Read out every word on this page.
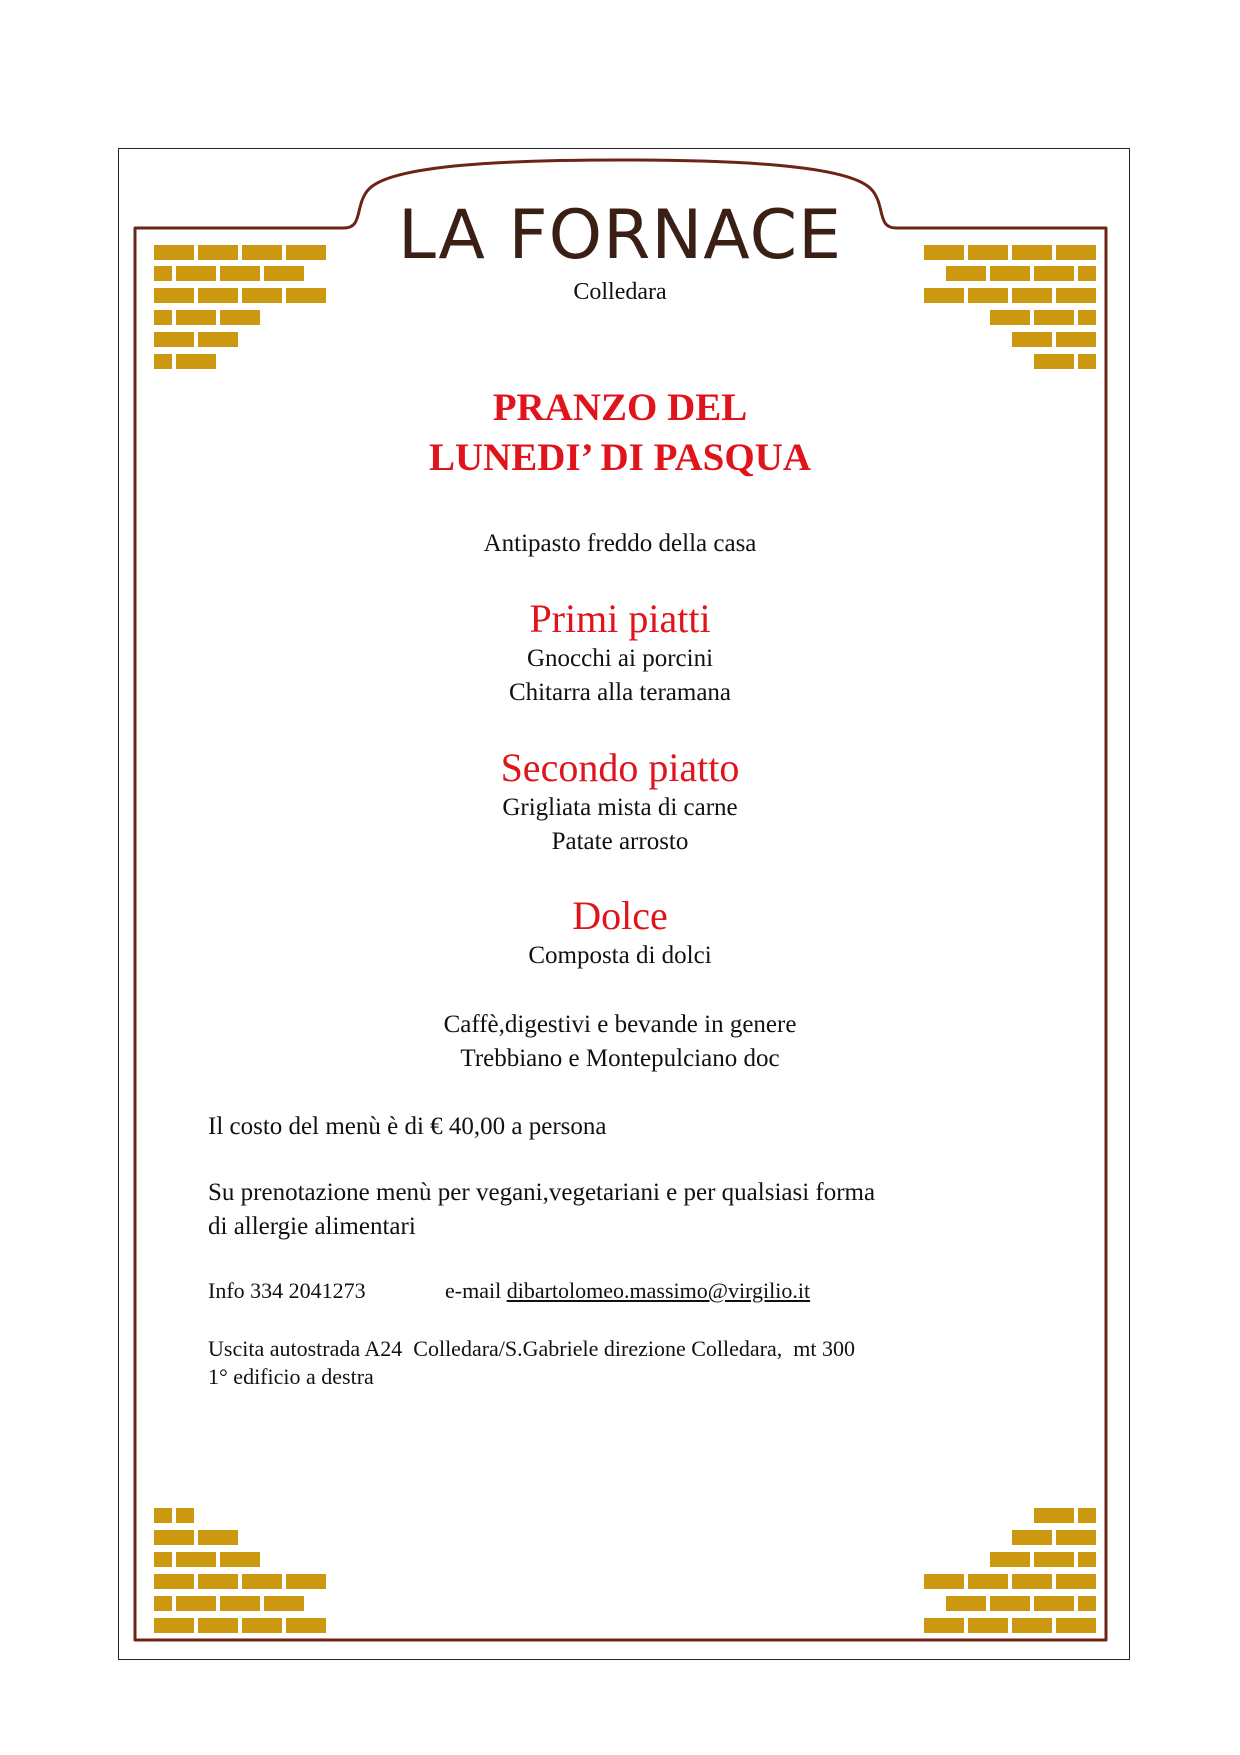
LA FORNACE
Colledara
PRANZO DEL
LUNEDI’ DI PASQUA
Antipasto freddo della casa
Primi piatti
Gnocchi ai porcini
Chitarra alla teramana
Secondo piatto
Grigliata mista di carne
Patate arrosto
Dolce
Composta di dolci
Caffè,digestivi e bevande in genere
Trebbiano e Montepulciano doc
Il costo del menù è di € 40,00 a persona
Su prenotazione menù per vegani,vegetariani e per qualsiasi forma
di allergie alimentari
Info 334 2041273	e-mail dibartolomeo.massimo@virgilio.it
Uscita autostrada A24  Colledara/S.Gabriele direzione Colledara,  mt 300
1° edificio a destra
